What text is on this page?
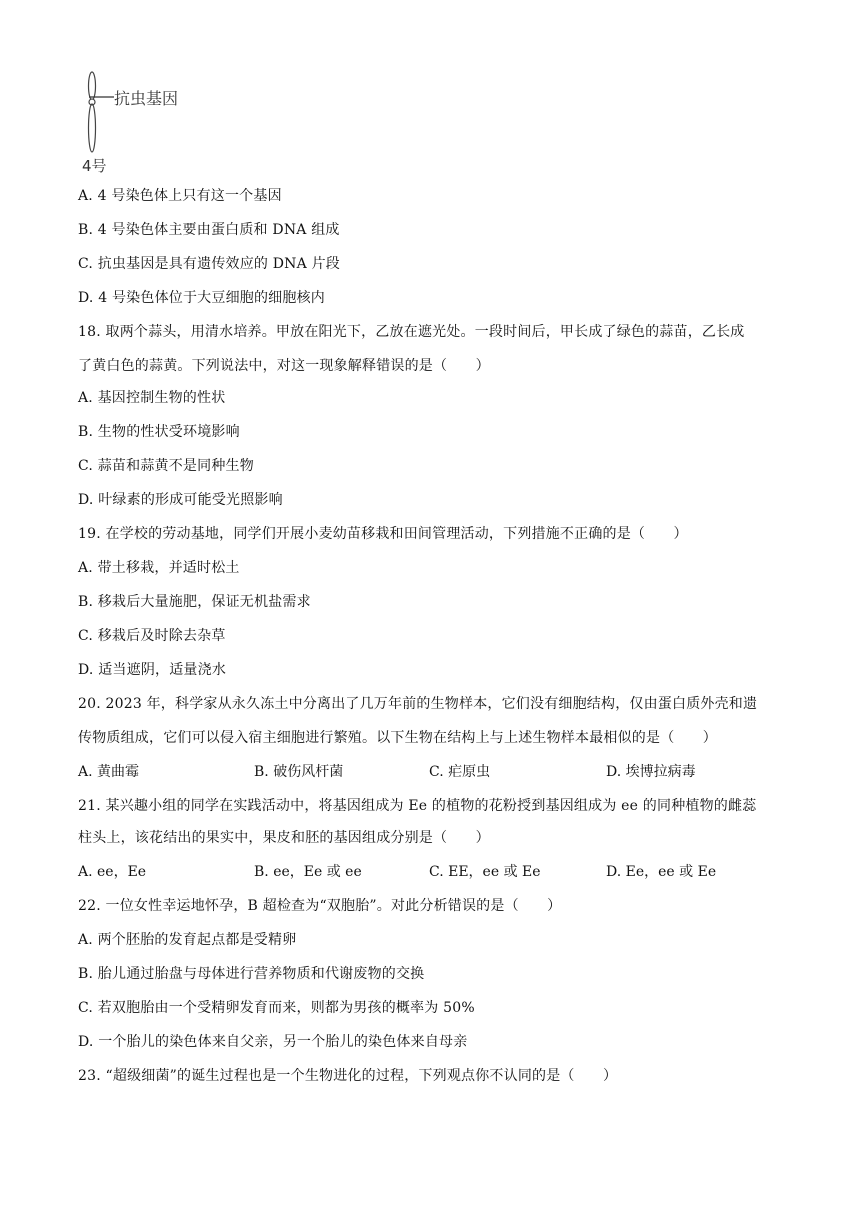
抗虫基因
4号
A. 4 号染色体上只有这一个基因
B. 4 号染色体主要由蛋白质和 DNA 组成
C. 抗虫基因是具有遗传效应的 DNA 片段
D. 4 号染色体位于大豆细胞的细胞核内
18. 取两个蒜头，用清水培养。甲放在阳光下，乙放在遮光处。一段时间后，甲长成了绿色的蒜苗，乙长成
了黄白色的蒜黄。下列说法中，对这一现象解释错误的是（　　）
A. 基因控制生物的性状
B. 生物的性状受环境影响
C. 蒜苗和蒜黄不是同种生物
D. 叶绿素的形成可能受光照影响
19. 在学校的劳动基地，同学们开展小麦幼苗移栽和田间管理活动，下列措施不正确的是（　　）
A. 带土移栽，并适时松土
B. 移栽后大量施肥，保证无机盐需求
C. 移栽后及时除去杂草
D. 适当遮阴，适量浇水
20. 2023 年，科学家从永久冻土中分离出了几万年前的生物样本，它们没有细胞结构，仅由蛋白质外壳和遗
传物质组成，它们可以侵入宿主细胞进行繁殖。以下生物在结构上与上述生物样本最相似的是（　　）
A. 黄曲霉	B. 破伤风杆菌	C. 疟原虫	D. 埃博拉病毒
21. 某兴趣小组的同学在实践活动中，将基因组成为 Ee 的植物的花粉授到基因组成为 ee 的同种植物的雌蕊
柱头上，该花结出的果实中，果皮和胚的基因组成分别是（　　）
A. ee，Ee	B. ee，Ee 或 ee	C. EE，ee 或 Ee	D. Ee，ee 或 Ee
22. 一位女性幸运地怀孕，B 超检查为“双胞胎”。对此分析错误的是（　　）
A. 两个胚胎的发育起点都是受精卵
B. 胎儿通过胎盘与母体进行营养物质和代谢废物的交换
C. 若双胞胎由一个受精卵发育而来，则都为男孩的概率为 50%
D. 一个胎儿的染色体来自父亲，另一个胎儿的染色体来自母亲
23. “超级细菌”的诞生过程也是一个生物进化的过程，下列观点你不认同的是（　　）
